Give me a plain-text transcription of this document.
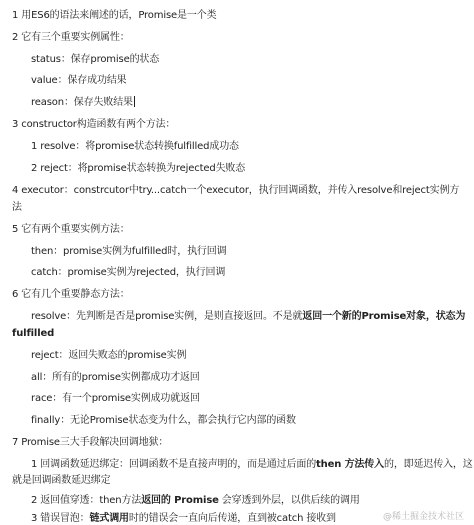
1 用ES6的语法来阐述的话，Promise是一个类
2 它有三个重要实例属性：
status：保存promise的状态
value：保存成功结果
reason：保存失败结果
3 constructor构造函数有两个方法：
1 resolve：将promise状态转换fulfilled成功态
2 reject：将promise状态转换为rejected失败态
4 executor：constrcutor中try...catch一个executor，执行回调函数，并传入resolve和reject实例方
法
5 它有两个重要实例方法：
then：promise实例为fulfilled时，执行回调
catch：promise实例为rejected，执行回调
6 它有几个重要静态方法：
resolve：先判断是否是promise实例，是则直接返回。不是就返回一个新的Promise对象，状态为
fulfilled
reject：返回失败态的promise实例
all：所有的promise实例都成功才返回
race：有一个promise实例成功就返回
finally：无论Promise状态变为什么，都会执行它内部的函数
7 Promise三大手段解决回调地狱：
1 回调函数延迟绑定：回调函数不是直接声明的，而是通过后面的then 方法传入的，即延迟传入，这
就是回调函数延迟绑定
2 返回值穿透：then方法返回的 Promise 会穿透到外层，以供后续的调用
3 错误冒泡：链式调用时的错误会一直向后传递，直到被catch 接收到	@稀土掘金技术社区
